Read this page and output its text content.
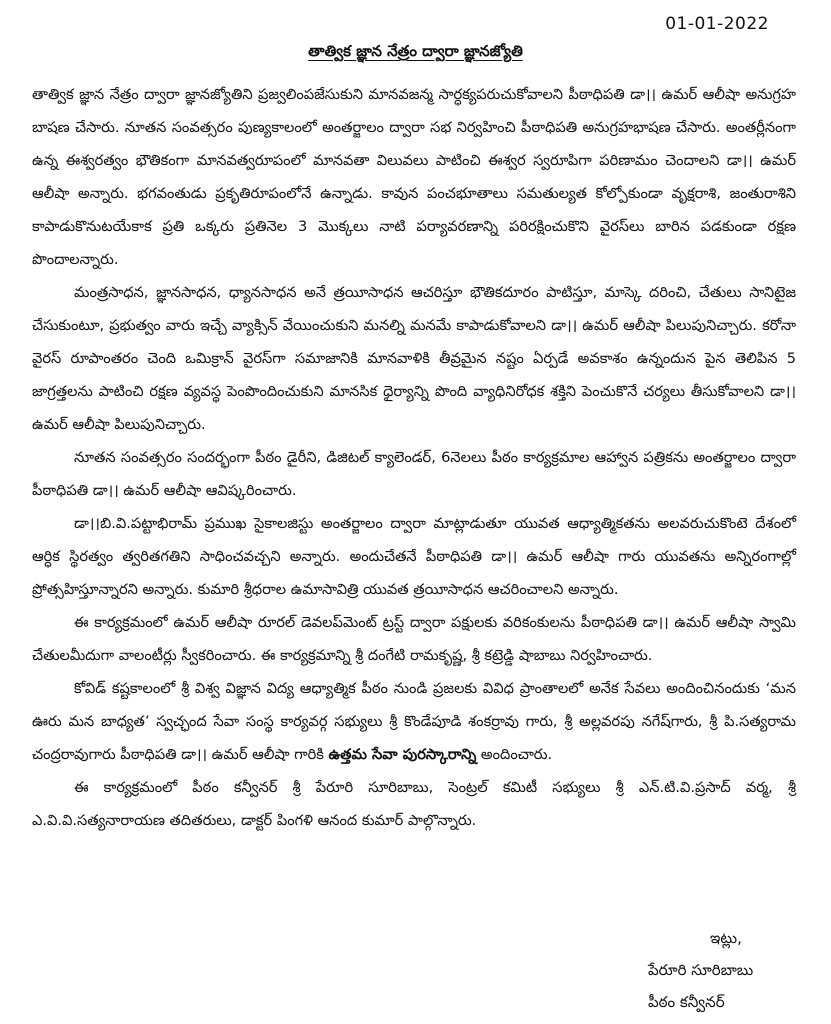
01-01-2022
తాత్విక జ్ఞాన నేత్రం ద్వారా జ్ఞానజ్యోతి

తాత్విక జ్ఞాన నేత్రం ద్వారా జ్ఞానజ్యోతిని ప్రజ్వలింపజేసుకుని మానవజన్మ సార్ధక్యపరుచుకోవాలని పీఠాధిపతి డా।। ఉమర్ ఆలీషా అనుగ్రహ బాషణ చేసారు. నూతన సంవత్సరం పుణ్యకాలంలో అంతర్జాలం ద్వారా సభ నిర్వహించి పీఠాధిపతి అనుగ్రహభాషణ చేసారు. అంతర్లీనంగా ఉన్న ఈశ్వరత్వం భౌతికంగా మానవత్వరూపంలో మానవతా విలువలు పాటించి ఈశ్వర స్వరూపిగా పరిణామం చెందాలని డా।। ఉమర్ ఆలీషా అన్నారు. భగవంతుడు ప్రకృతిరూపంలోనే ఉన్నాడు. కావున పంచభూతాలు సమతుల్యత కోల్పోకుండా వృక్షరాశి, జంతురాశిని కాపాడుకొనుటయేకాక ప్రతి ఒక్కరు ప్రతినెల 3 మొక్కలు నాటి పర్యావరణాన్ని పరిరక్షించుకొని వైరస్‌లు బారిన పడకుండా రక్షణ పొందాలన్నారు.

మంత్రసాధన, జ్ఞానసాధన, ధ్యానసాధన అనే త్రయీసాధన ఆచరిస్తూ భౌతికదూరం పాటిస్తూ, మాస్కె దరించి, చేతులు సానిటైజ చేసుకుంటూ, ప్రభుత్వం వారు ఇచ్చే వ్యాక్సిన్ వేయించుకుని మనల్ని మనమే కాపాడుకోవాలని డా।। ఉమర్ ఆలీషా పిలుపునిచ్చారు. కరోనా వైరస్ రూపాంతరం చెంది ఒమిక్రాన్ వైరస్‌గా సమాజానికి మానవాళికి తీవ్రమైన నష్టం ఏర్పడే అవకాశం ఉన్నందున పైన తెలిపిన 5 జాగ్రత్తలను పాటించి రక్షణ వ్యవస్థ పెంపొందించుకుని మానసిక ధైర్యాన్ని పొంది వ్యాధినిరోధక శక్తిని పెంచుకొనే చర్యలు తీసుకోవాలని డా।। ఉమర్ ఆలీషా పిలుపునిచ్చారు.

నూతన సంవత్సరం సందర్భంగా పీఠం డైరీని, డిజిటల్ క్యాలెండర్, 6నెలలు పీఠం కార్యక్రమాల ఆహ్వాన పత్రికను అంతర్జాలం ద్వారా పీఠాధిపతి డా।। ఉమర్ ఆలీషా ఆవిష్కరించారు.

డా।।బి.వి.పట్టాభిరామ్ ప్రముఖ సైకాలజిస్టు అంతర్జాలం ద్వారా మాట్లాడుతూ యువత ఆధ్యాత్మికతను అలవరుచుకొంటె దేశంలో ఆర్ధిక స్థిరత్వం త్వరితగతిని సాధించవచ్చని అన్నారు. అందుచేతనే పీఠాధిపతి డా।। ఉమర్ ఆలీషా గారు యువతను అన్నిరంగాల్లో ప్రోత్సహిస్తూన్నారని అన్నారు. కుమారి శ్రీధరాల ఉమాసావిత్రి యువత త్రయీసాధన ఆచరించాలని అన్నారు.

ఈ కార్యక్రమంలో ఉమర్ ఆలీషా రూరల్ డెవలప్‌మెంట్ ట్రస్ట్ ద్వారా పక్షులకు వరికంకులను పీఠాధిపతి డా।। ఉమర్ ఆలీషా స్వామి చేతులమీదుగా వాలంటీర్లు స్వీకరించారు. ఈ కార్యక్రమాన్ని శ్రీ దంగేటి రామకృష్ణ, శ్రీ కట్రెడ్డి షాబాబు నిర్వహించారు.

కోవిడ్ కష్టకాలంలో శ్రీ విశ్వ విజ్ఞాన విద్య ఆధ్యాత్మిక పీఠం నుండి ప్రజలకు వివిధ ప్రాంతాలలో అనేక సేవలు అందించినందుకు ‘మన ఊరు మన బాధ్యత’ స్వచ్ఛంద సేవా సంస్థ కార్యవర్గ సభ్యులు శ్రీ కొండేపూడి శంకర్రావు గారు, శ్రీ అల్లవరపు నగేష్‌గారు, శ్రీ పి.సత్యరామ చంద్రరావుగారు పీఠాధిపతి డా।। ఉమర్ ఆలీషా గారికి ఉత్తమ సేవా పురస్కారాన్ని అందించారు.

ఈ కార్యక్రమంలో పీఠం కన్వీనర్ శ్రీ పేరూరి సూరిబాబు, సెంట్రల్ కమిటీ సభ్యులు శ్రీ ఎన్.టి.వి.ప్రసాద్ వర్మ, శ్రీ ఎ.వి.వి.సత్యనారాయణ తదితరులు, డాక్టర్ పింగళి ఆనంద కుమార్ పాల్గొన్నారు.

ఇట్లు,
పేరూరి సూరిబాబు
పీఠం కన్వీనర్
